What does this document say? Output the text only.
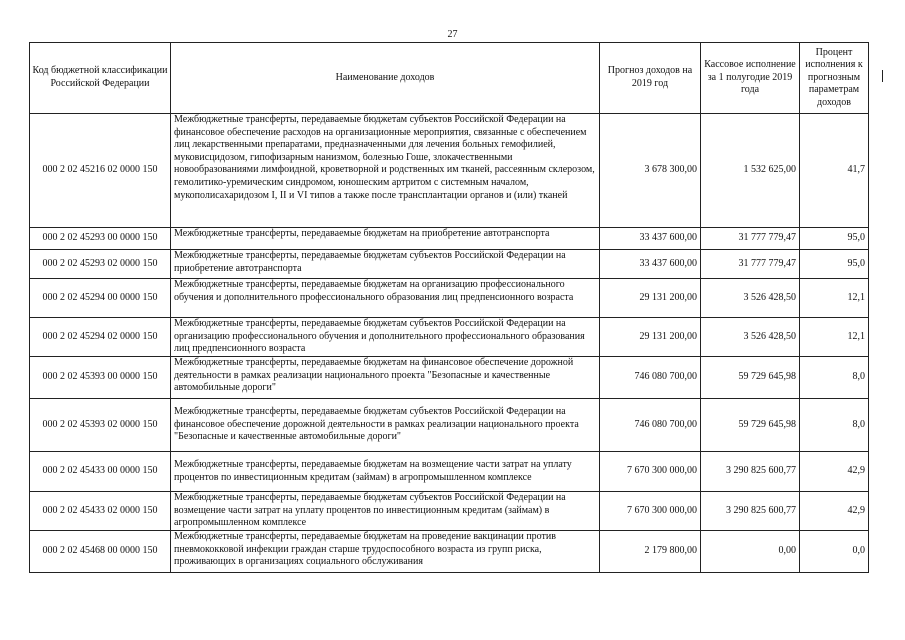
27
Код бюджетной классификации Российской Федерации	Наименование доходов	Прогноз доходов на 2019 год	Кассовое исполнение за 1 полугодие 2019 года	Процент исполнения к прогнозным параметрам доходов
000 2 02 45216 02 0000 150	Межбюджетные трансферты, передаваемые бюджетам субъектов Российской Федерации на финансовое обеспечение расходов на организационные мероприятия, связанные с обеспечением лиц лекарственными препаратами, предназначенными для лечения больных гемофилией, муковисцидозом, гипофизарным нанизмом, болезнью Гоше, злокачественными новообразованиями лимфоидной, кроветворной и родственных им тканей, рассеянным склерозом, гемолитико-уремическим синдромом, юношеским артритом с системным началом, мукополисахаридозом I, II и VI типов а также после трансплантации органов и (или) тканей	3 678 300,00	1 532 625,00	41,7
000 2 02 45293 00 0000 150	Межбюджетные трансферты, передаваемые бюджетам на приобретение автотранспорта	33 437 600,00	31 777 779,47	95,0
000 2 02 45293 02 0000 150	Межбюджетные трансферты, передаваемые бюджетам субъектов Российской Федерации на приобретение автотранспорта	33 437 600,00	31 777 779,47	95,0
000 2 02 45294 00 0000 150	Межбюджетные трансферты, передаваемые бюджетам на организацию профессионального обучения и дополнительного профессионального образования лиц предпенсионного возраста	29 131 200,00	3 526 428,50	12,1
000 2 02 45294 02 0000 150	Межбюджетные трансферты, передаваемые бюджетам субъектов Российской Федерации на организацию профессионального обучения и дополнительного профессионального образования лиц предпенсионного возраста	29 131 200,00	3 526 428,50	12,1
000 2 02 45393 00 0000 150	Межбюджетные трансферты, передаваемые бюджетам на финансовое обеспечение дорожной деятельности в рамках реализации национального проекта "Безопасные и качественные автомобильные дороги"	746 080 700,00	59 729 645,98	8,0
000 2 02 45393 02 0000 150	Межбюджетные трансферты, передаваемые бюджетам субъектов Российской Федерации на финансовое обеспечение дорожной деятельности в рамках реализации национального проекта "Безопасные и качественные автомобильные дороги"	746 080 700,00	59 729 645,98	8,0
000 2 02 45433 00 0000 150	Межбюджетные трансферты, передаваемые бюджетам на возмещение части затрат на уплату процентов по инвестиционным кредитам (займам) в агропромышленном комплексе	7 670 300 000,00	3 290 825 600,77	42,9
000 2 02 45433 02 0000 150	Межбюджетные трансферты, передаваемые бюджетам субъектов Российской Федерации на возмещение части затрат на уплату процентов по инвестиционным кредитам (займам) в агропромышленном комплексе	7 670 300 000,00	3 290 825 600,77	42,9
000 2 02 45468 00 0000 150	Межбюджетные трансферты, передаваемые бюджетам на проведение вакцинации против пневмококковой инфекции граждан старше трудоспособного возраста из групп риска, проживающих в организациях социального обслуживания	2 179 800,00	0,00	0,0
